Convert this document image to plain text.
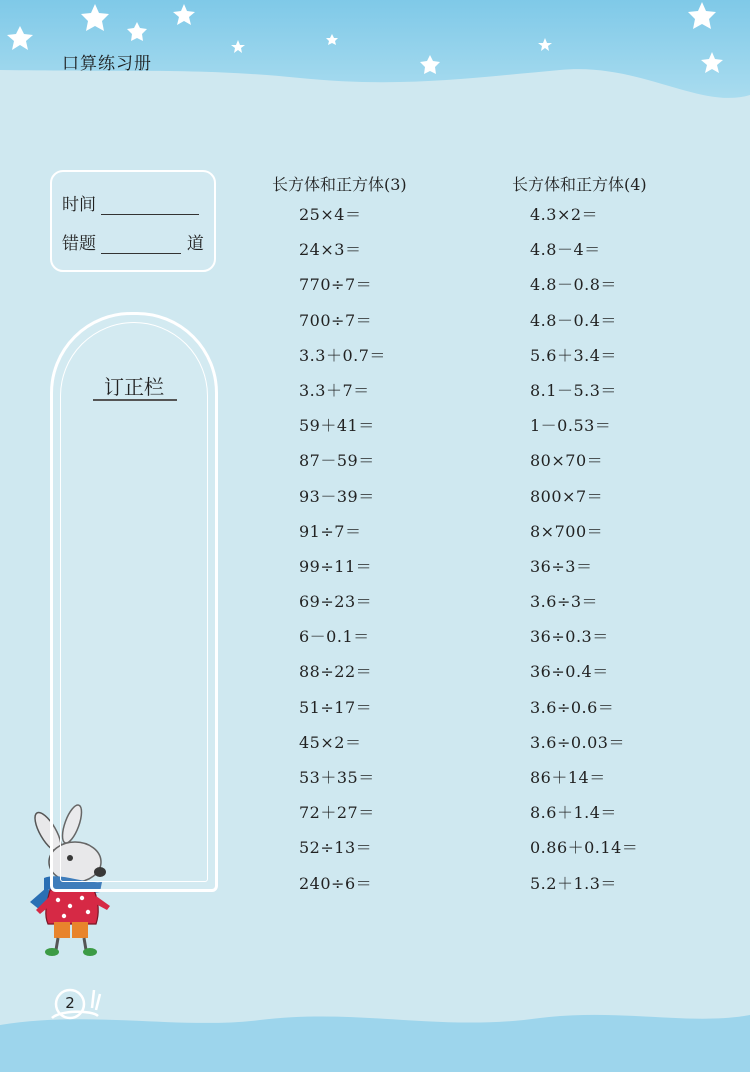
口算练习册
时间
错题	道
订正栏
长方体和正方体(3)
25×4＝
24×3＝
770÷7＝
700÷7＝
3.3＋0.7＝
3.3＋7＝
59＋41＝
87－59＝
93－39＝
91÷7＝
99÷11＝
69÷23＝
6－0.1＝
88÷22＝
51÷17＝
45×2＝
53＋35＝
72＋27＝
52÷13＝
240÷6＝
长方体和正方体(4)
4.3×2＝
4.8－4＝
4.8－0.8＝
4.8－0.4＝
5.6＋3.4＝
8.1－5.3＝
1－0.53＝
80×70＝
800×7＝
8×700＝
36÷3＝
3.6÷3＝
36÷0.3＝
36÷0.4＝
3.6÷0.6＝
3.6÷0.03＝
86＋14＝
8.6＋1.4＝
0.86＋0.14＝
5.2＋1.3＝
2
